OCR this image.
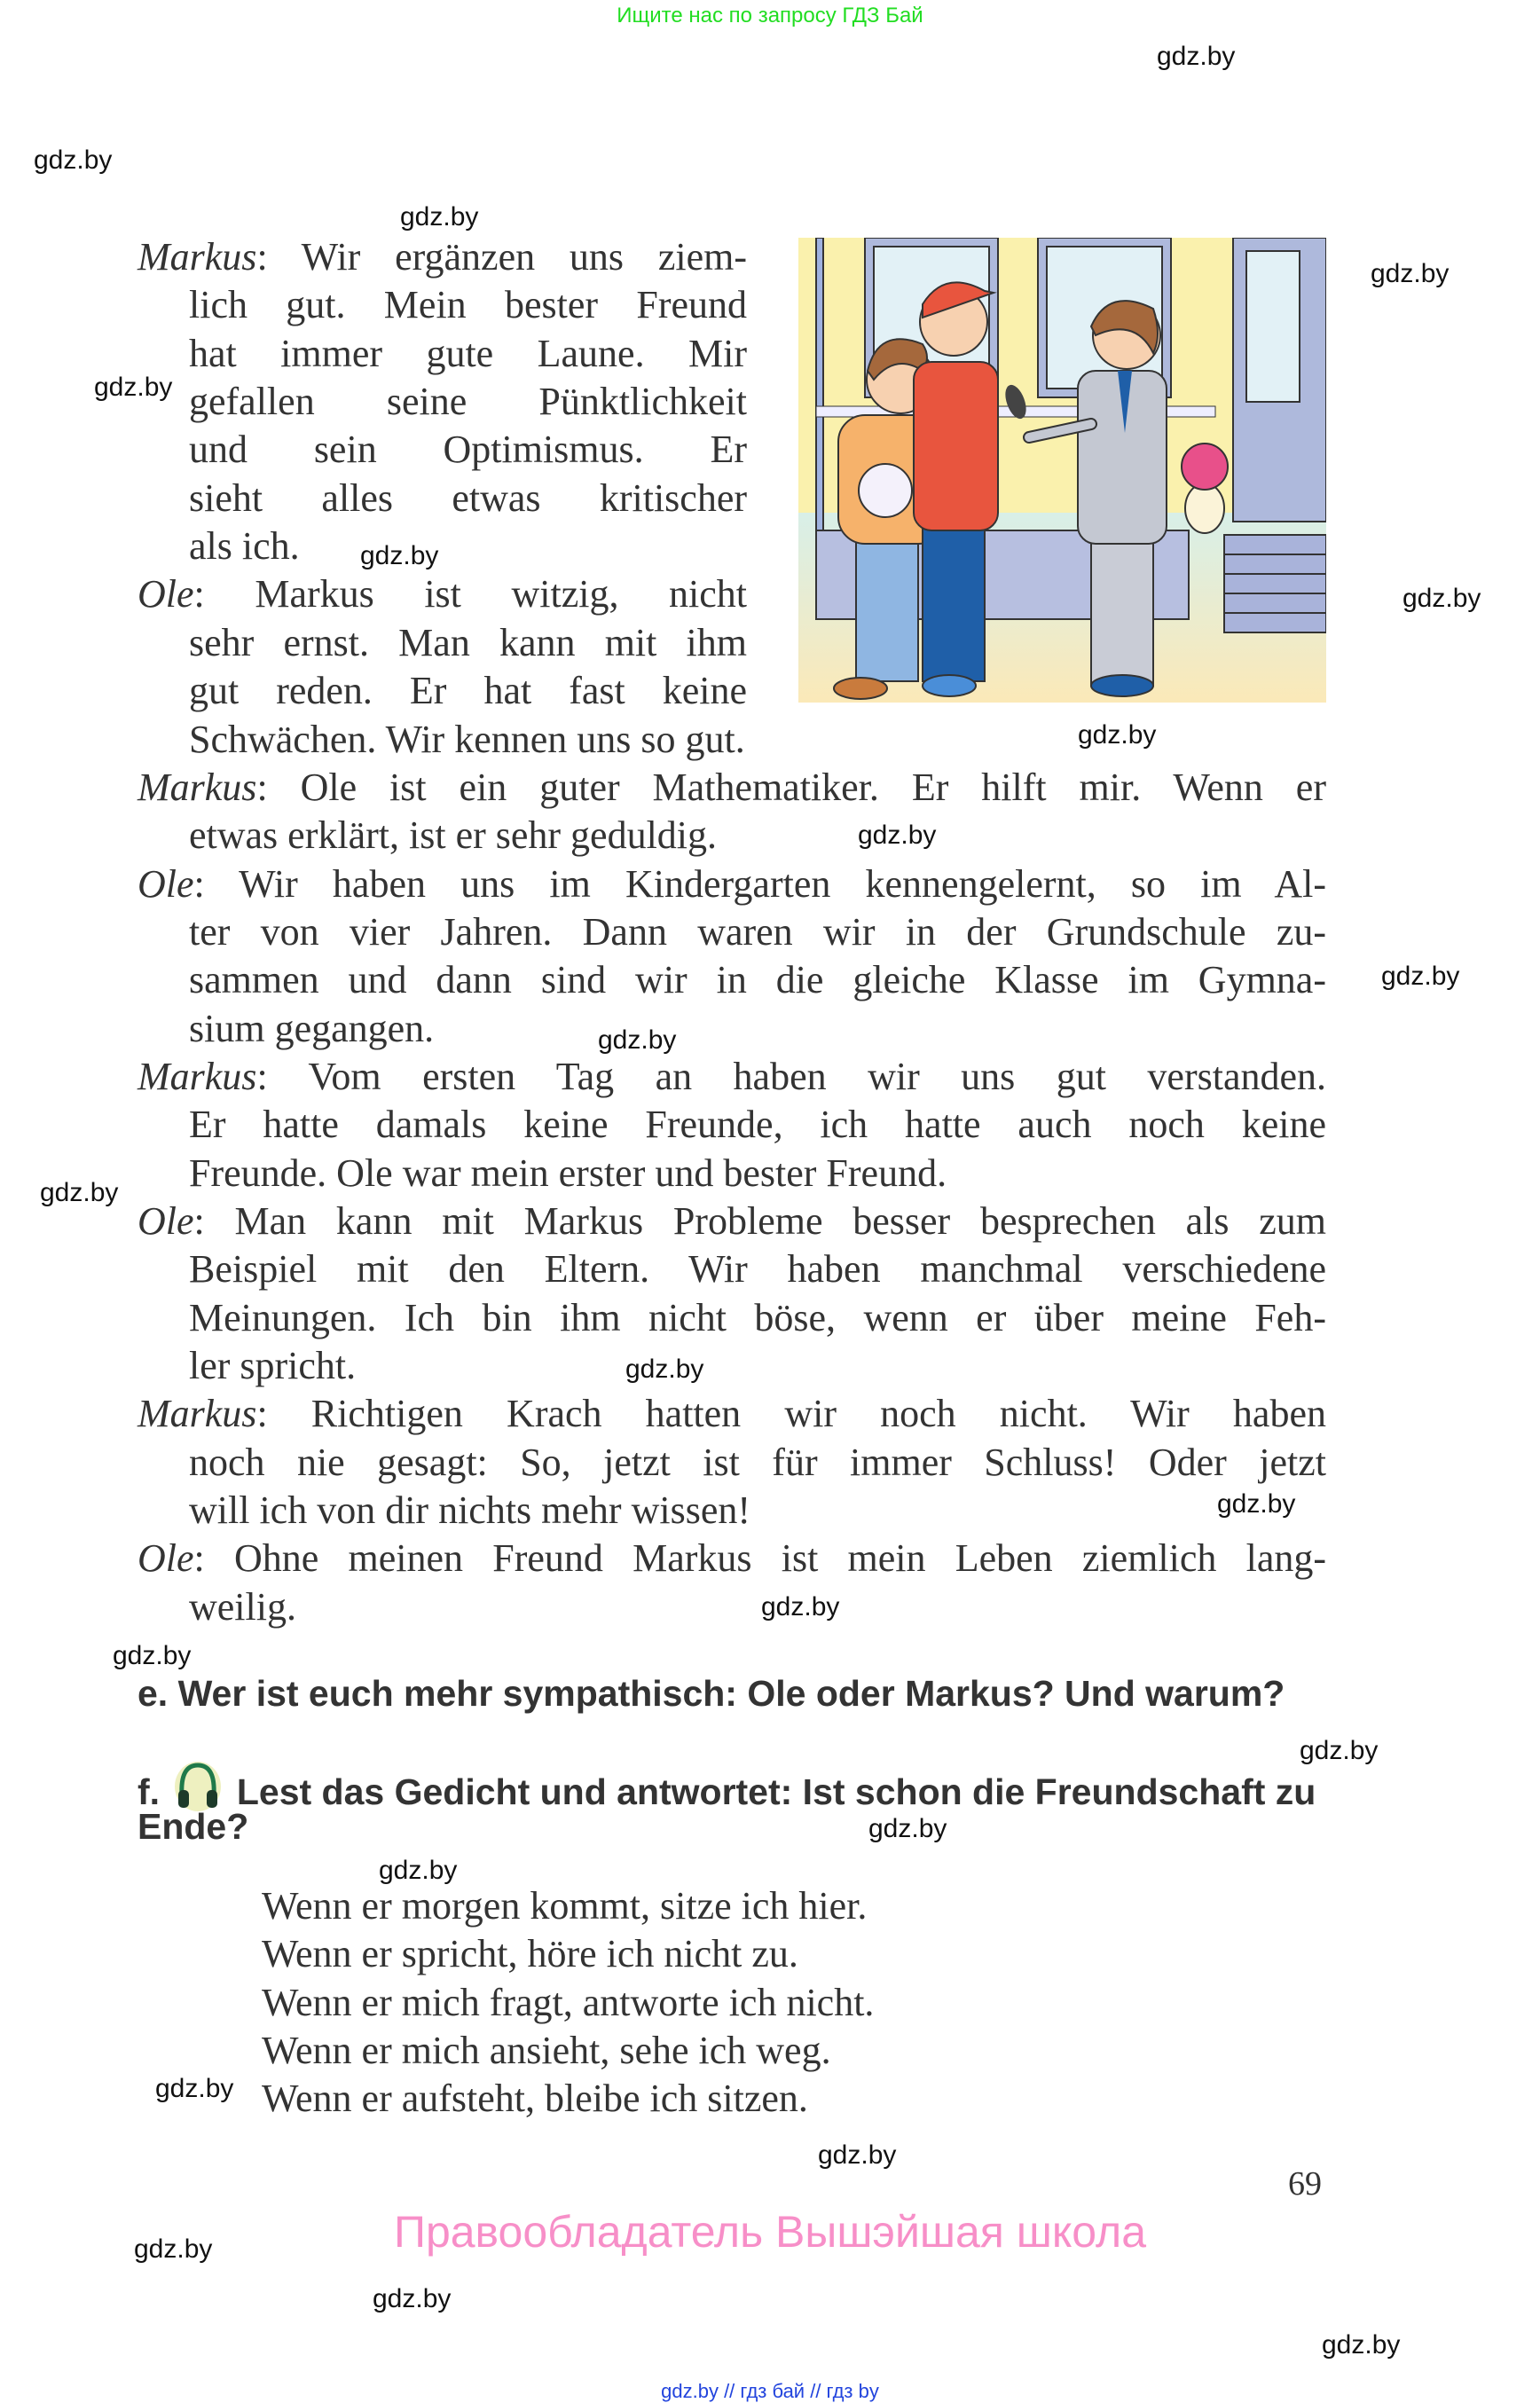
Ищите нас по запросу ГДЗ Бай
gdz.by
gdz.by
gdz.by
gdz.by
gdz.by
gdz.by
gdz.by
gdz.by
gdz.by
gdz.by
gdz.by
gdz.by
gdz.by
gdz.by
gdz.by
gdz.by
gdz.by
gdz.by
gdz.by
gdz.by
gdz.by
gdz.by
gdz.by
gdz.by
Markus: Wir ergänzen uns ziem-
lich gut. Mein bester Freund
hat immer gute Laune. Mir
gefallen seine Pünktlichkeit
und sein Optimismus. Er
sieht alles etwas kritischer
als ich.
Ole: Markus ist witzig, nicht
sehr ernst. Man kann mit ihm
gut reden. Er hat fast keine
Schwächen. Wir kennen uns so gut.
Markus: Ole ist ein guter Mathematiker. Er hilft mir. Wenn er
etwas erklärt, ist er sehr geduldig.
Ole: Wir haben uns im Kindergarten kennengelernt, so im Al-
ter von vier Jahren. Dann waren wir in der Grundschule zu-
sammen und dann sind wir in die gleiche Klasse im Gymna-
sium gegangen.
Markus: Vom ersten Tag an haben wir uns gut verstanden.
Er hatte damals keine Freunde, ich hatte auch noch keine
Freunde. Ole war mein erster und bester Freund.
Ole: Man kann mit Markus Probleme besser besprechen als zum
Beispiel mit den Eltern. Wir haben manchmal verschiedene
Meinungen. Ich bin ihm nicht böse, wenn er über meine Feh-
ler spricht.
Markus: Richtigen Krach hatten wir noch nicht. Wir haben
noch nie gesagt: So, jetzt ist für immer Schluss! Oder jetzt
will ich von dir nichts mehr wissen!
Ole: Ohne meinen Freund Markus ist mein Leben ziemlich lang-
weilig.
e. Wer ist euch mehr sympathisch: Ole oder Markus? Und warum?
f. Lest das Gedicht und antwortet: Ist schon die Freundschaft zu
Ende?
Wenn er morgen kommt, sitze ich hier.
Wenn er spricht, höre ich nicht zu.
Wenn er mich fragt, antworte ich nicht.
Wenn er mich ansieht, sehe ich weg.
Wenn er aufsteht, bleibe ich sitzen.
69
Правообладатель Вышэйшая школа
gdz.by // гдз бай // гдз by
